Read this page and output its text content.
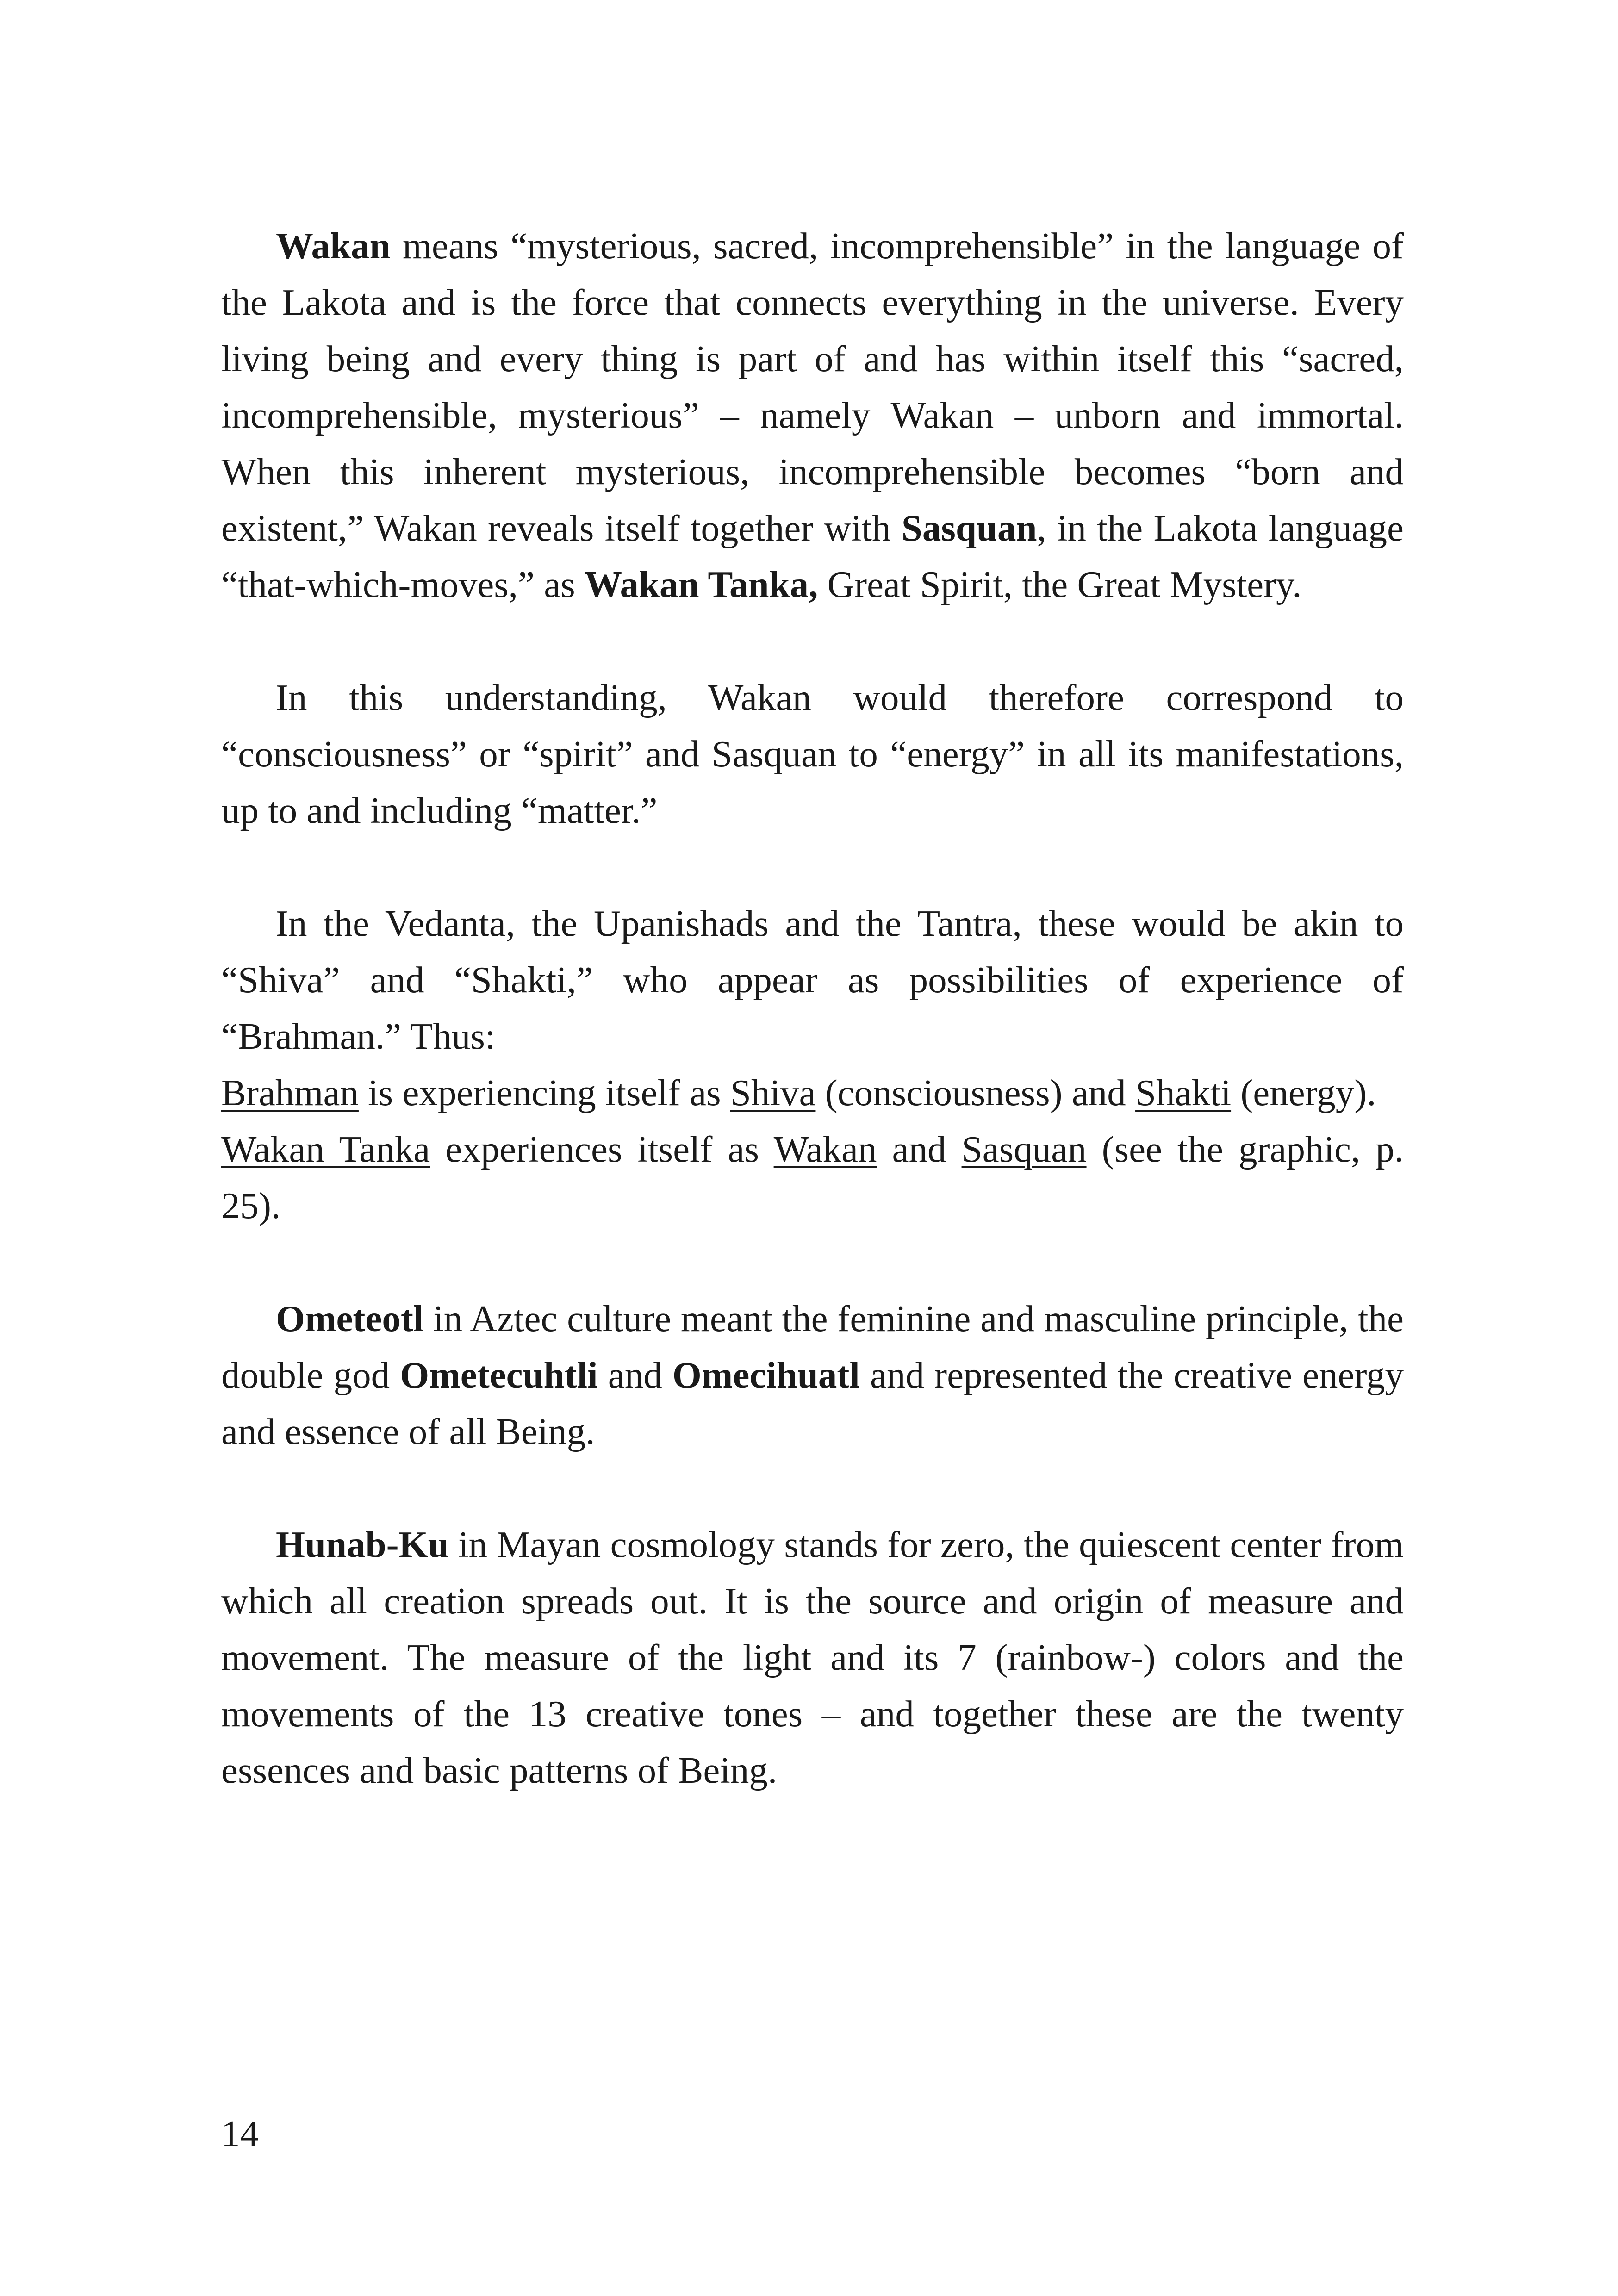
Wakan means “mysterious, sacred, incomprehensible” in the language of the Lakota and is the force that connects everything in the universe. Every living being and every thing is part of and has within itself this “sacred, incomprehensible, mysterious” – namely Wakan – unborn and immortal. When this inherent mysterious, incomprehensible becomes “born and existent,” Wakan reveals itself together with Sasquan, in the Lakota language “that-which-moves,” as Wakan Tanka, Great Spirit, the Great Mystery.

In this understanding, Wakan would therefore correspond to “consciousness” or “spirit” and Sasquan to “energy” in all its manifestations, up to and including “matter.”

In the Vedanta, the Upanishads and the Tantra, these would be akin to “Shiva” and “Shakti,” who appear as possibilities of experience of “Brahman.” Thus:

Brahman is experiencing itself as Shiva (consciousness) and Shakti (energy).

Wakan Tanka experiences itself as Wakan and Sasquan (see the graphic, p. 25).

Ometeotl in Aztec culture meant the feminine and masculine principle, the double god Ometecuhtli and Omecihuatl and represented the creative energy and essence of all Being.

Hunab-Ku in Mayan cosmology stands for zero, the quiescent center from which all creation spreads out. It is the source and origin of measure and movement. The measure of the light and its 7 (rainbow-) colors and the movements of the 13 creative tones – and together these are the twenty essences and basic patterns of Being.

14
